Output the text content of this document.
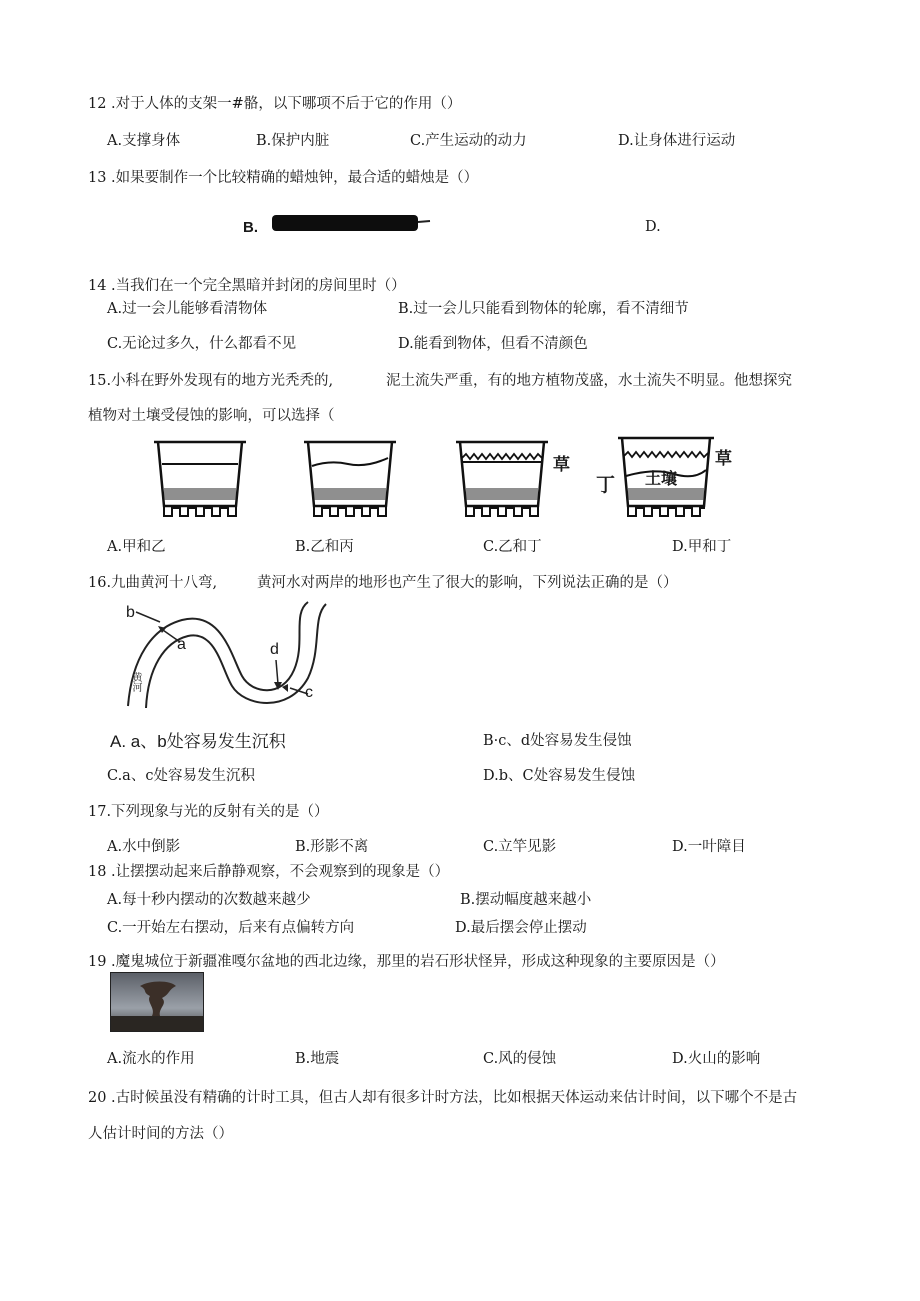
12 .对于人体的支架一#骼，以下哪项不后于它的作用（）
A.支撑身体	B.保护内脏	C.产生运动的动力	D.让身体进行运动
13 .如果要制作一个比较精确的蜡烛钟，最合适的蜡烛是（）
B.	D.
14 .当我们在一个完全黑暗并封闭的房间里时（）
A.过一会儿能够看清物体	B.过一会儿只能看到物体的轮廓，看不清细节
C.无论过多久，什么都看不见	D.能看到物体，但看不清颜色
15.小科在野外发现有的地方光秃秃的,	泥土流失严重，有的地方植物茂盛，水土流失不明显。他想探究
植物对土壤受侵蚀的影响，可以选择（
草
丁 土壤
草
A.甲和乙	B.乙和丙	C.乙和丁	D.甲和丁
16.九曲黄河十八弯,	黄河水对两岸的地形也产生了很大的影响，下列说法正确的是（）
b
a	d
c
黄河
A. a、b处容易发生沉积	B·c、d处容易发生侵蚀
C.a、c处容易发生沉积	D.b、C处容易发生侵蚀
17.下列现象与光的反射有关的是（）
A.水中倒影	B.形影不离	C.立竿见影	D.一叶障目
18 .让摆摆动起来后静静观察，不会观察到的现象是（）
A.每十秒内摆动的次数越来越少	B.摆动幅度越来越小
C.一开始左右摆动，后来有点偏转方向	D.最后摆会停止摆动
19 .魔鬼城位于新疆准嘎尔盆地的西北边缘，那里的岩石形状怪异，形成这种现象的主要原因是（）
A.流水的作用	B.地震	C.风的侵蚀	D.火山的影响
20 .古时候虽没有精确的计时工具，但古人却有很多计时方法，比如根据天体运动来估计时间，以下哪个不是古
人估计时间的方法（）
